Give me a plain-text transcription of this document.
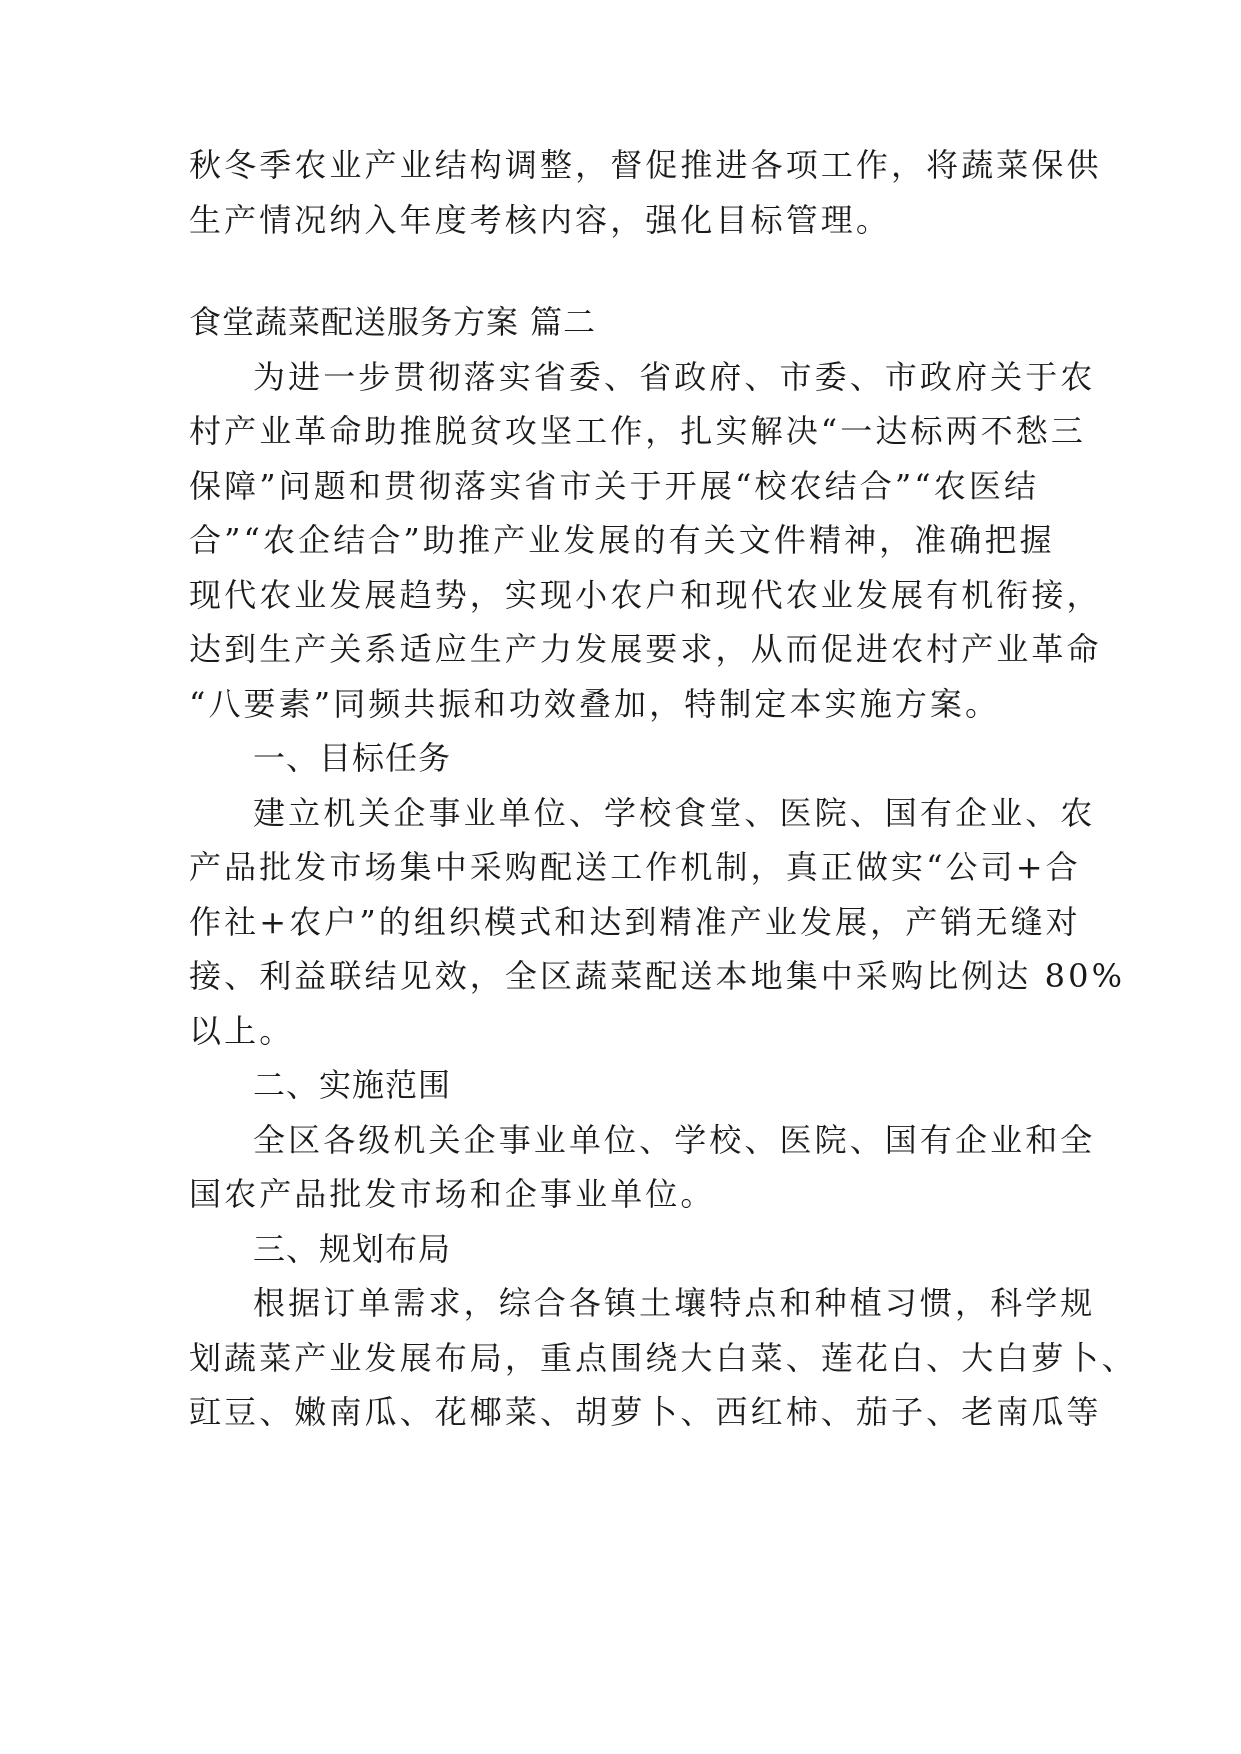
秋冬季农业产业结构调整，督促推进各项工作，将蔬菜保供
生产情况纳入年度考核内容，强化目标管理。
食堂蔬菜配送服务方案 篇二
为进一步贯彻落实省委、省政府、市委、市政府关于农
村产业革命助推脱贫攻坚工作，扎实解决“一达标两不愁三
保障”问题和贯彻落实省市关于开展“校农结合”“农医结
合”“农企结合”助推产业发展的有关文件精神，准确把握
现代农业发展趋势，实现小农户和现代农业发展有机衔接，
达到生产关系适应生产力发展要求，从而促进农村产业革命
“八要素”同频共振和功效叠加，特制定本实施方案。
一、目标任务
建立机关企事业单位、学校食堂、医院、国有企业、农
产品批发市场集中采购配送工作机制，真正做实“公司+合
作社+农户”的组织模式和达到精准产业发展，产销无缝对
接、利益联结见效，全区蔬菜配送本地集中采购比例达 80%
以上。
二、实施范围
全区各级机关企事业单位、学校、医院、国有企业和全
国农产品批发市场和企事业单位。
三、规划布局
根据订单需求，综合各镇土壤特点和种植习惯，科学规
划蔬菜产业发展布局，重点围绕大白菜、莲花白、大白萝卜、
豇豆、嫩南瓜、花椰菜、胡萝卜、西红柿、茄子、老南瓜等
